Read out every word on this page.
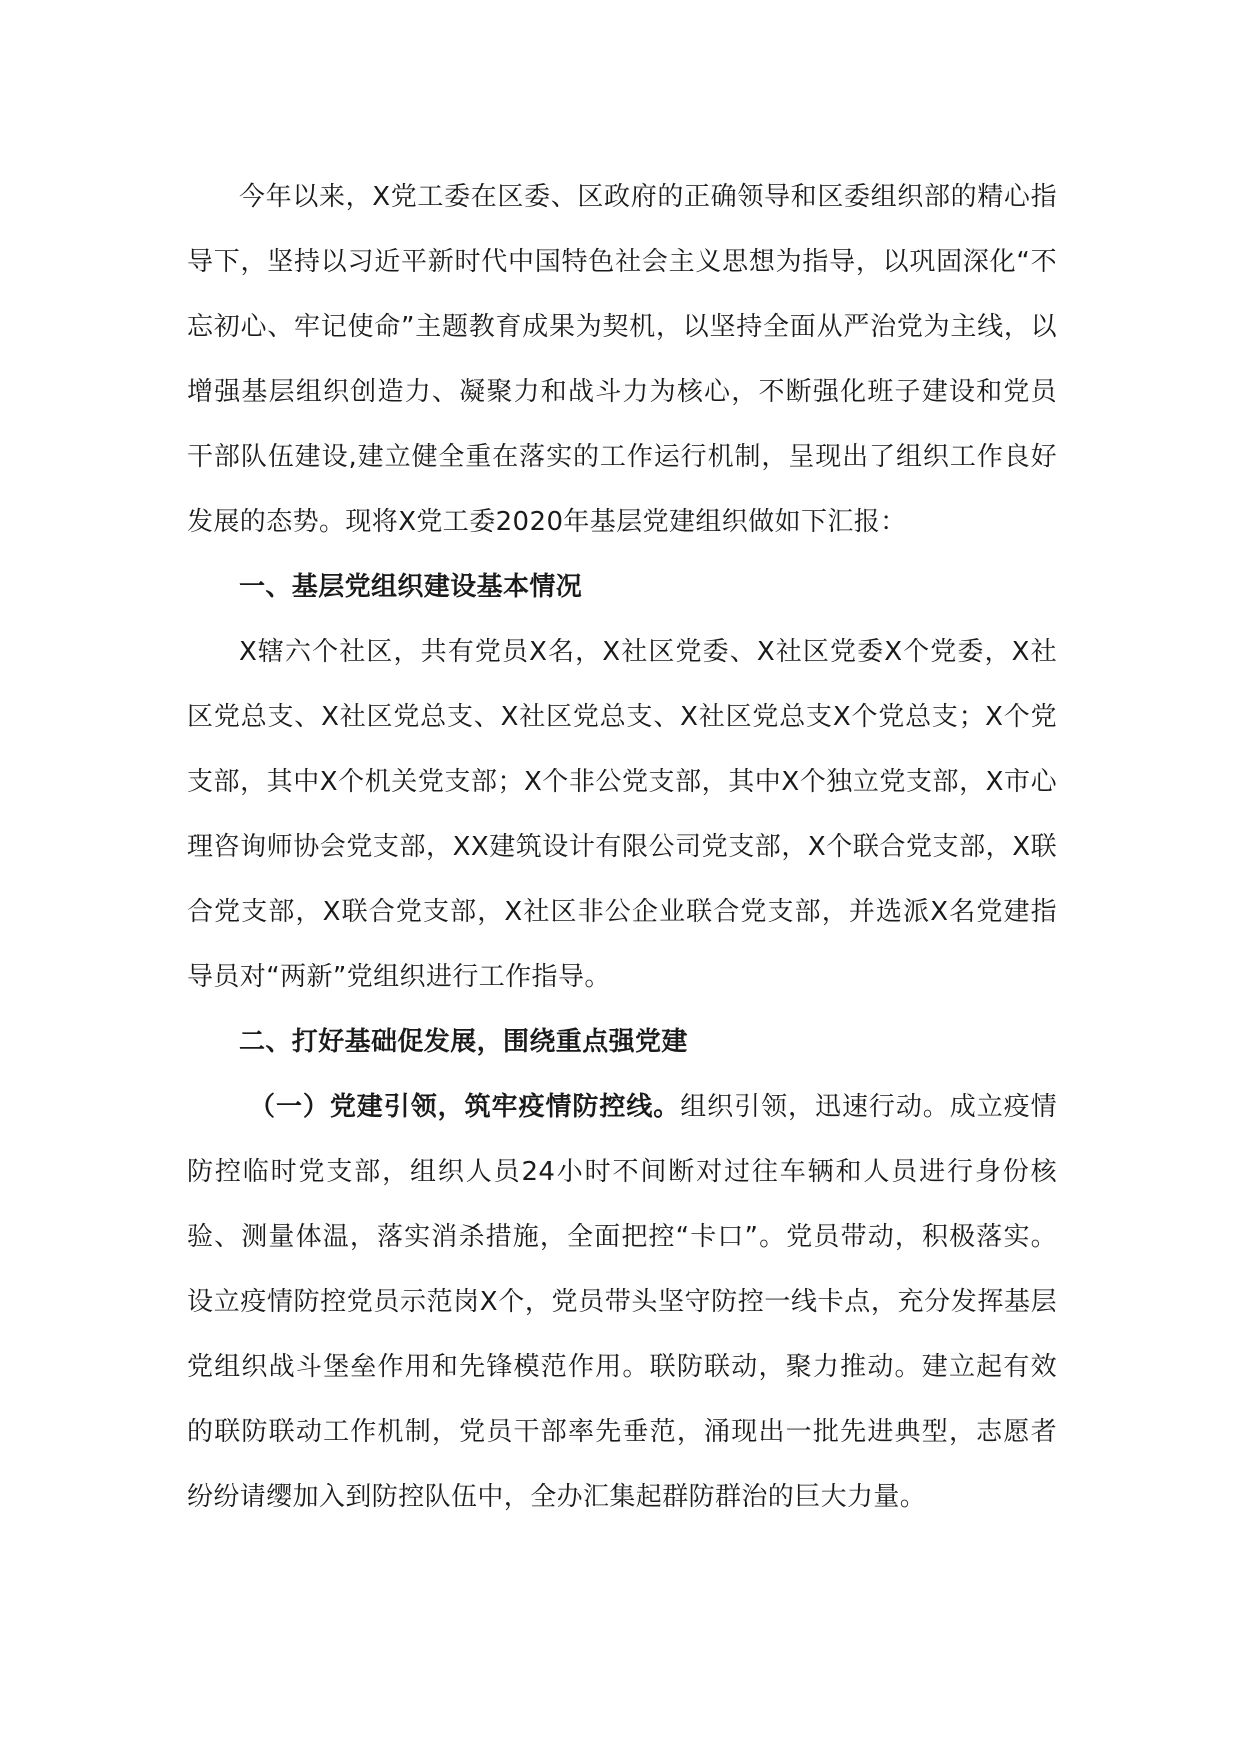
今年以来，X党工委在区委、区政府的正确领导和区委组织部的精心指导下，坚持以习近平新时代中国特色社会主义思想为指导，以巩固深化“不忘初心、牢记使命”主题教育成果为契机，以坚持全面从严治党为主线，以增强基层组织创造力、凝聚力和战斗力为核心，不断强化班子建设和党员干部队伍建设,建立健全重在落实的工作运行机制，呈现出了组织工作良好发展的态势。现将X党工委2020年基层党建组织做如下汇报：

一、基层党组织建设基本情况

X辖六个社区，共有党员X名，X社区党委、X社区党委X个党委，X社区党总支、X社区党总支、X社区党总支、X社区党总支X个党总支；X个党支部，其中X个机关党支部；X个非公党支部，其中X个独立党支部，X市心理咨询师协会党支部，XX建筑设计有限公司党支部，X个联合党支部，X联合党支部，X联合党支部，X社区非公企业联合党支部，并选派X名党建指导员对“两新”党组织进行工作指导。

二、打好基础促发展，围绕重点强党建

（一）党建引领，筑牢疫情防控线。组织引领，迅速行动。成立疫情防控临时党支部，组织人员24小时不间断对过往车辆和人员进行身份核验、测量体温，落实消杀措施，全面把控“卡口”。党员带动，积极落实。设立疫情防控党员示范岗X个，党员带头坚守防控一线卡点，充分发挥基层党组织战斗堡垒作用和先锋模范作用。联防联动，聚力推动。建立起有效的联防联动工作机制，党员干部率先垂范，涌现出一批先进典型，志愿者纷纷请缨加入到防控队伍中，全办汇集起群防群治的巨大力量。
